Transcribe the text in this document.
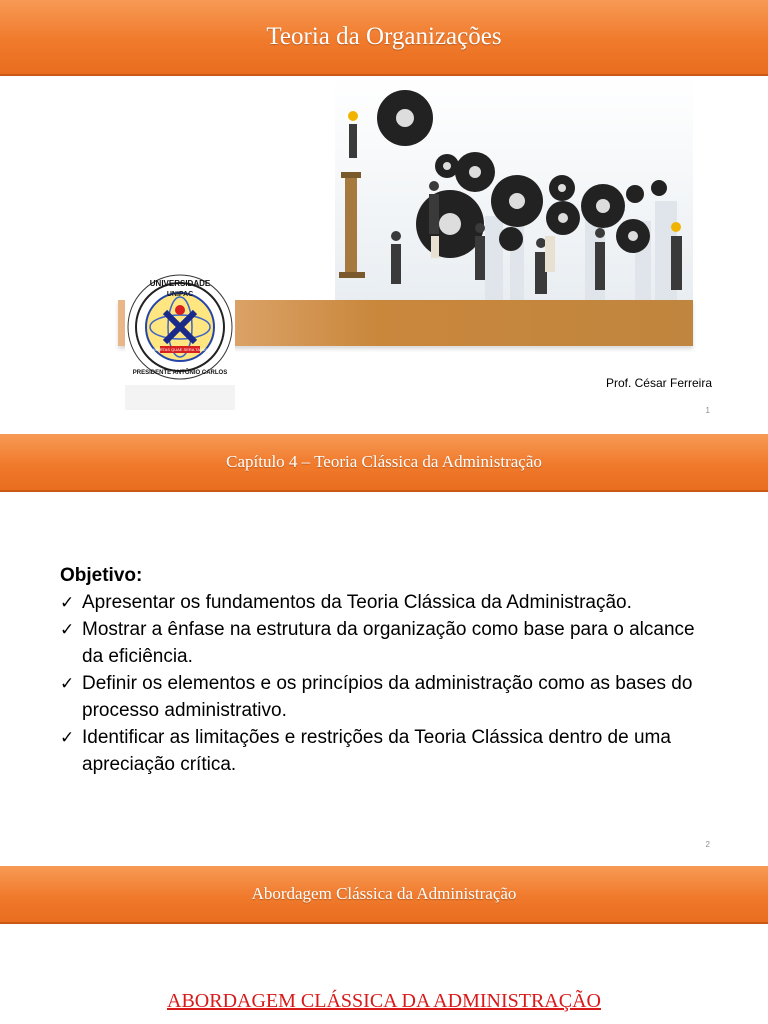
Teoria da Organizações
UNIVERSIDADE
UNIPAC
PRESIDENTE ANTÔNIO CARLOS
LIBERTAS QUAE SERA TAMEN
Prof. César Ferreira
1
Capítulo 4 – Teoria Clássica da Administração
2
Objetivo:
✓ Apresentar os fundamentos da Teoria Clássica da Administração.
✓ Mostrar a ênfase na estrutura da organização como base para o alcance da eficiência.
✓ Definir os elementos e os princípios da administração como as bases do processo administrativo.
✓ Identificar as limitações e restrições da Teoria Clássica dentro de uma apreciação crítica.
Abordagem Clássica da Administração
ABORDAGEM CLÁSSICA DA ADMINISTRAÇÃO
